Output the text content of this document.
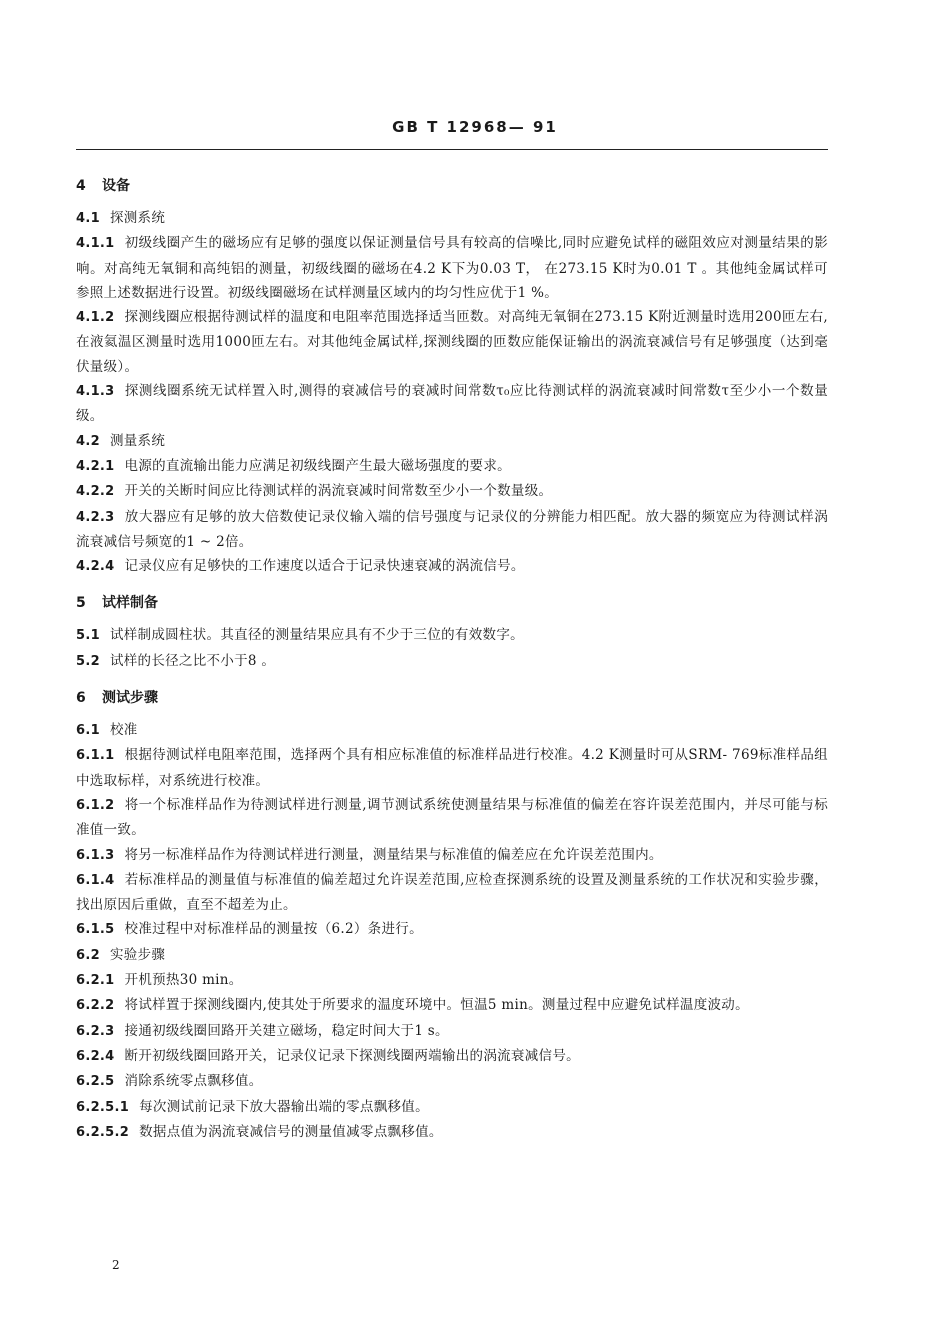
GB T 12968— 91
4 设备
4.1 探测系统
4.1.1 初级线圈产生的磁场应有足够的强度以保证测量信号具有较高的信噪比,同时应避免试样的磁阻效应对测量结果的影响。对高纯无氧铜和高纯铝的测量，初级线圈的磁场在4.2 K下为0.03 T， 在273.15 K时为0.01 T 。其他纯金属试样可参照上述数据进行设置。初级线圈磁场在试样测量区域内的均匀性应优于1 %。
4.1.2 探测线圈应根据待测试样的温度和电阻率范围选择适当匝数。对高纯无氧铜在273.15 K附近测量时选用200匝左右,在液氦温区测量时选用1000匝左右。对其他纯金属试样,探测线圈的匝数应能保证输出的涡流衰减信号有足够强度（达到毫伏量级）。
4.1.3 探测线圈系统无试样置入时,测得的衰减信号的衰减时间常数τ₀应比待测试样的涡流衰减时间常数τ至少小一个数量级。
4.2 测量系统
4.2.1 电源的直流输出能力应满足初级线圈产生最大磁场强度的要求。
4.2.2 开关的关断时间应比待测试样的涡流衰减时间常数至少小一个数量级。
4.2.3 放大器应有足够的放大倍数使记录仪输入端的信号强度与记录仪的分辨能力相匹配。放大器的频宽应为待测试样涡流衰减信号频宽的1 ~ 2倍。
4.2.4 记录仪应有足够快的工作速度以适合于记录快速衰减的涡流信号。
5 试样制备
5.1 试样制成圆柱状。其直径的测量结果应具有不少于三位的有效数字。
5.2 试样的长径之比不小于8 。
6 测试步骤
6.1 校准
6.1.1 根据待测试样电阻率范围，选择两个具有相应标准值的标准样品进行校准。4.2 K测量时可从SRM- 769标准样品组中选取标样，对系统进行校准。
6.1.2 将一个标准样品作为待测试样进行测量,调节测试系统使测量结果与标准值的偏差在容许误差范围内，并尽可能与标准值一致。
6.1.3 将另一标准样品作为待测试样进行测量，测量结果与标准值的偏差应在允许误差范围内。
6.1.4 若标准样品的测量值与标准值的偏差超过允许误差范围,应检查探测系统的设置及测量系统的工作状况和实验步骤，找出原因后重做，直至不超差为止。
6.1.5 校准过程中对标准样品的测量按（6.2）条进行。
6.2 实验步骤
6.2.1 开机预热30 min。
6.2.2 将试样置于探测线圈内,使其处于所要求的温度环境中。恒温5 min。测量过程中应避免试样温度波动。
6.2.3 接通初级线圈回路开关建立磁场，稳定时间大于1 s。
6.2.4 断开初级线圈回路开关，记录仪记录下探测线圈两端输出的涡流衰减信号。
6.2.5 消除系统零点飘移值。
6.2.5.1 每次测试前记录下放大器输出端的零点飘移值。
6.2.5.2 数据点值为涡流衰减信号的测量值减零点飘移值。
2
